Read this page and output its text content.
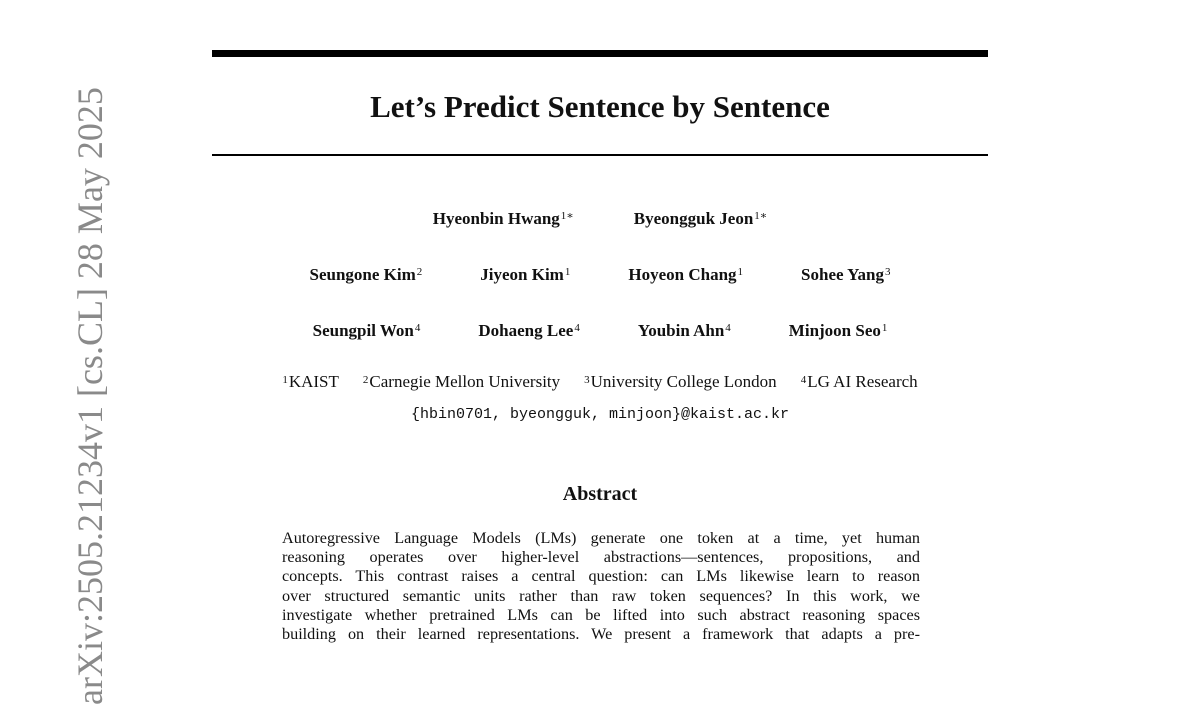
arXiv:2505.21234v1 [cs.CL] 28 May 2025	Let’s Predict Sentence by Sentence
Hyeonbin Hwang$^{1∗}$	Byeongguk Jeon$^{1∗}$
Seungone Kim$^2$	Jiyeon Kim$^1$	Hoyeon Chang$^1$	Sohee Yang$^3$
Seungpil Won$^4$	Dohaeng Lee$^4$	Youbin Ahn$^4$	Minjoon Seo$^1$
$^1$KAIST $^2$Carnegie Mellon University $^3$University College London $^4$LG AI Research
{hbin0701, byeongguk, minjoon}@kaist.ac.kr
Abstract

Autoregressive Language Models (LMs) generate one token at a time, yet human
reasoning operates over higher-level abstractions—sentences, propositions, and
concepts. This contrast raises a central question: can LMs likewise learn to reason
over structured semantic units rather than raw token sequences? In this work, we
investigate whether pretrained LMs can be lifted into such abstract reasoning spaces
building on their learned representations. We present a framework that adapts a pre-
